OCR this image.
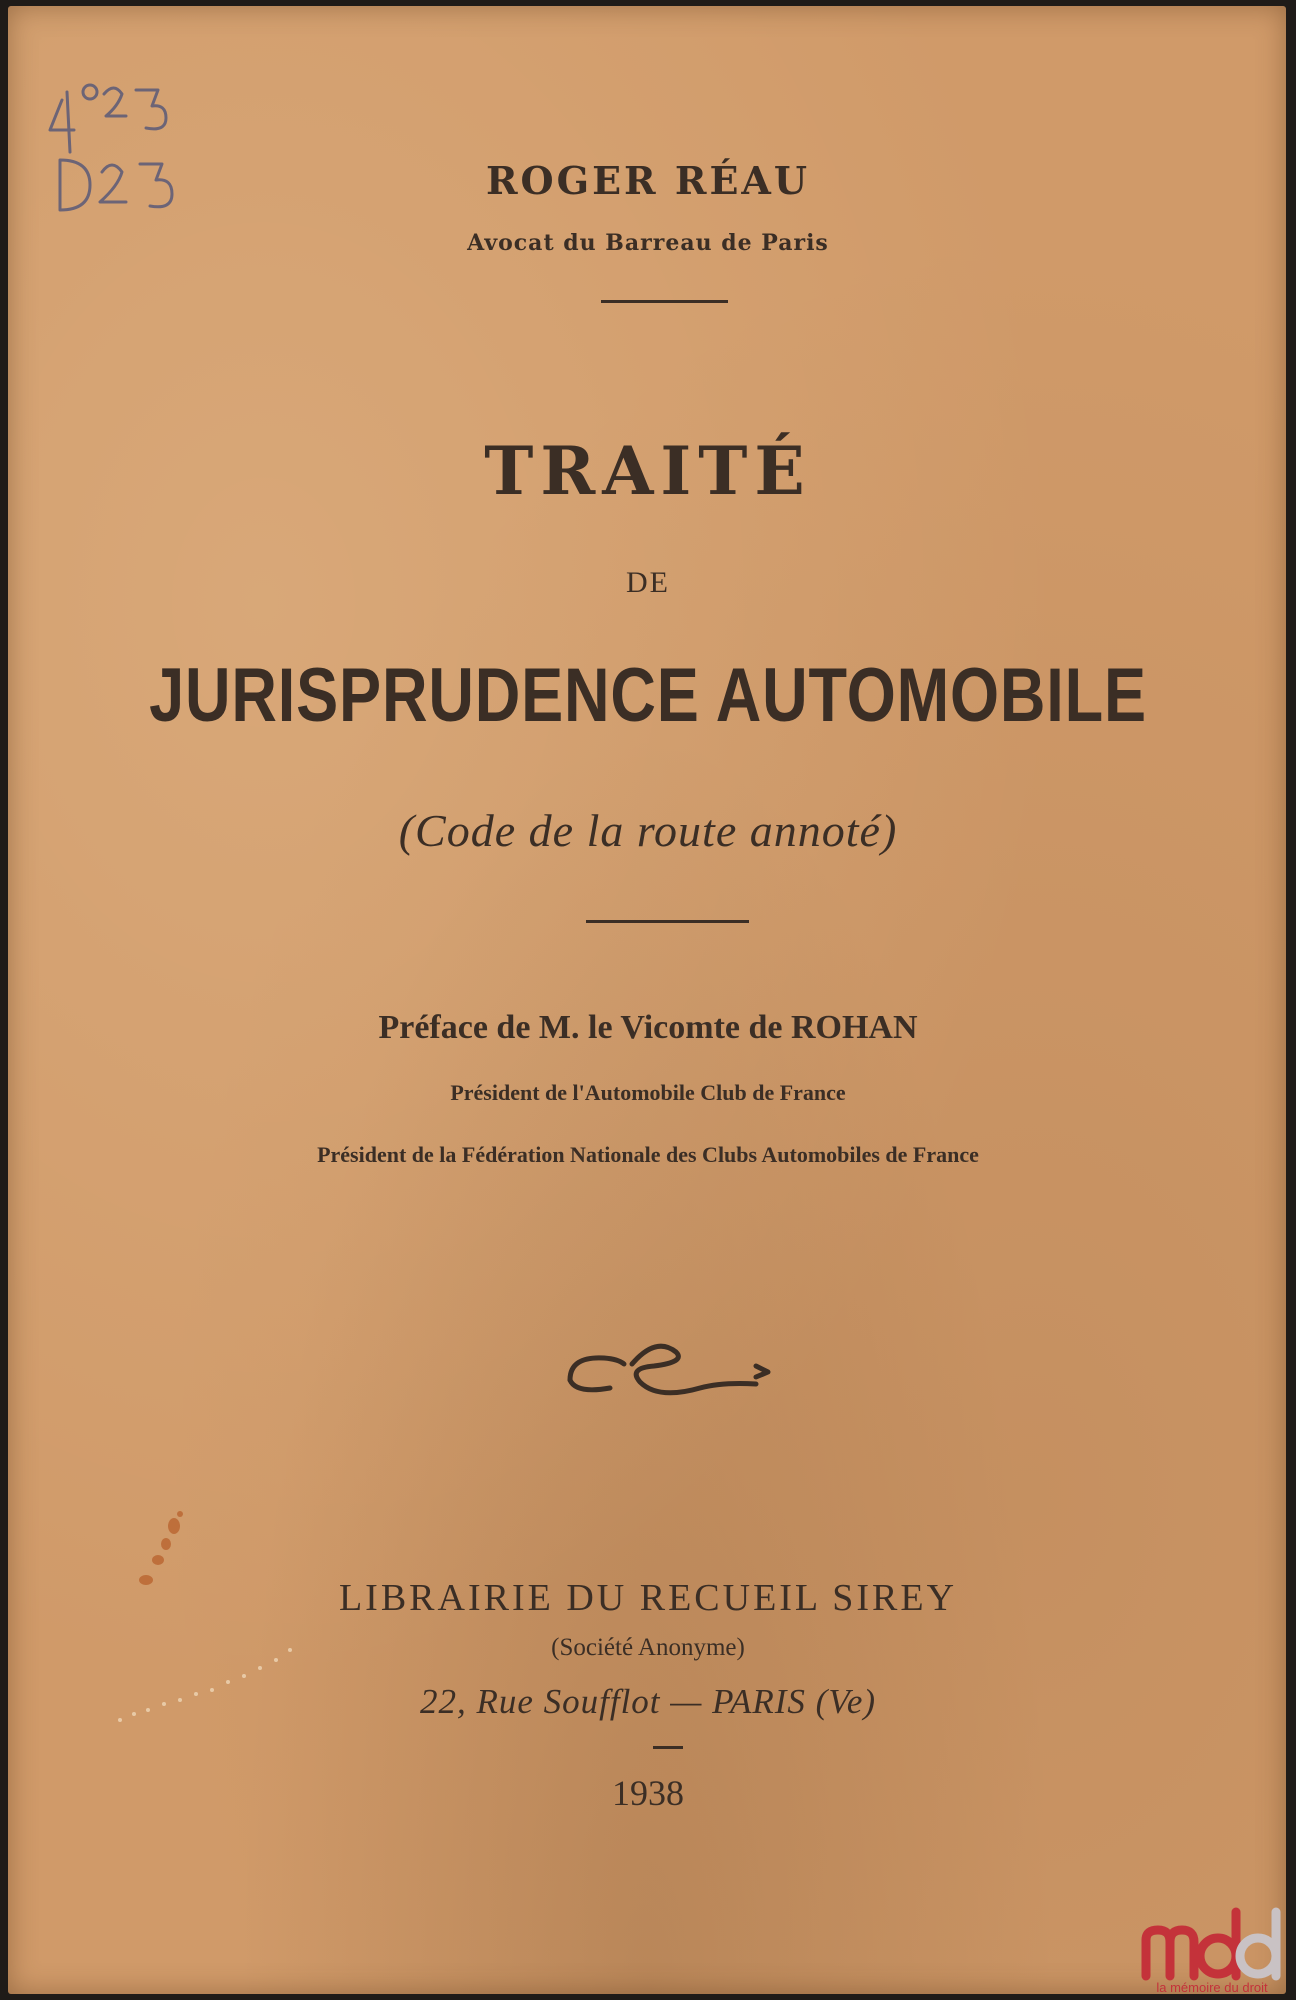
ROGER RÉAU
Avocat du Barreau de Paris
TRAITÉ
DE
JURISPRUDENCE AUTOMOBILE
(Code de la route annoté)
Préface de M. le Vicomte de ROHAN
Président de l'Automobile Club de France
Président de la Fédération Nationale des Clubs Automobiles de France
LIBRAIRIE DU RECUEIL SIREY
(Société Anonyme)
22, Rue Soufflot — PARIS (Ve)
1938
la mémoire du droit
